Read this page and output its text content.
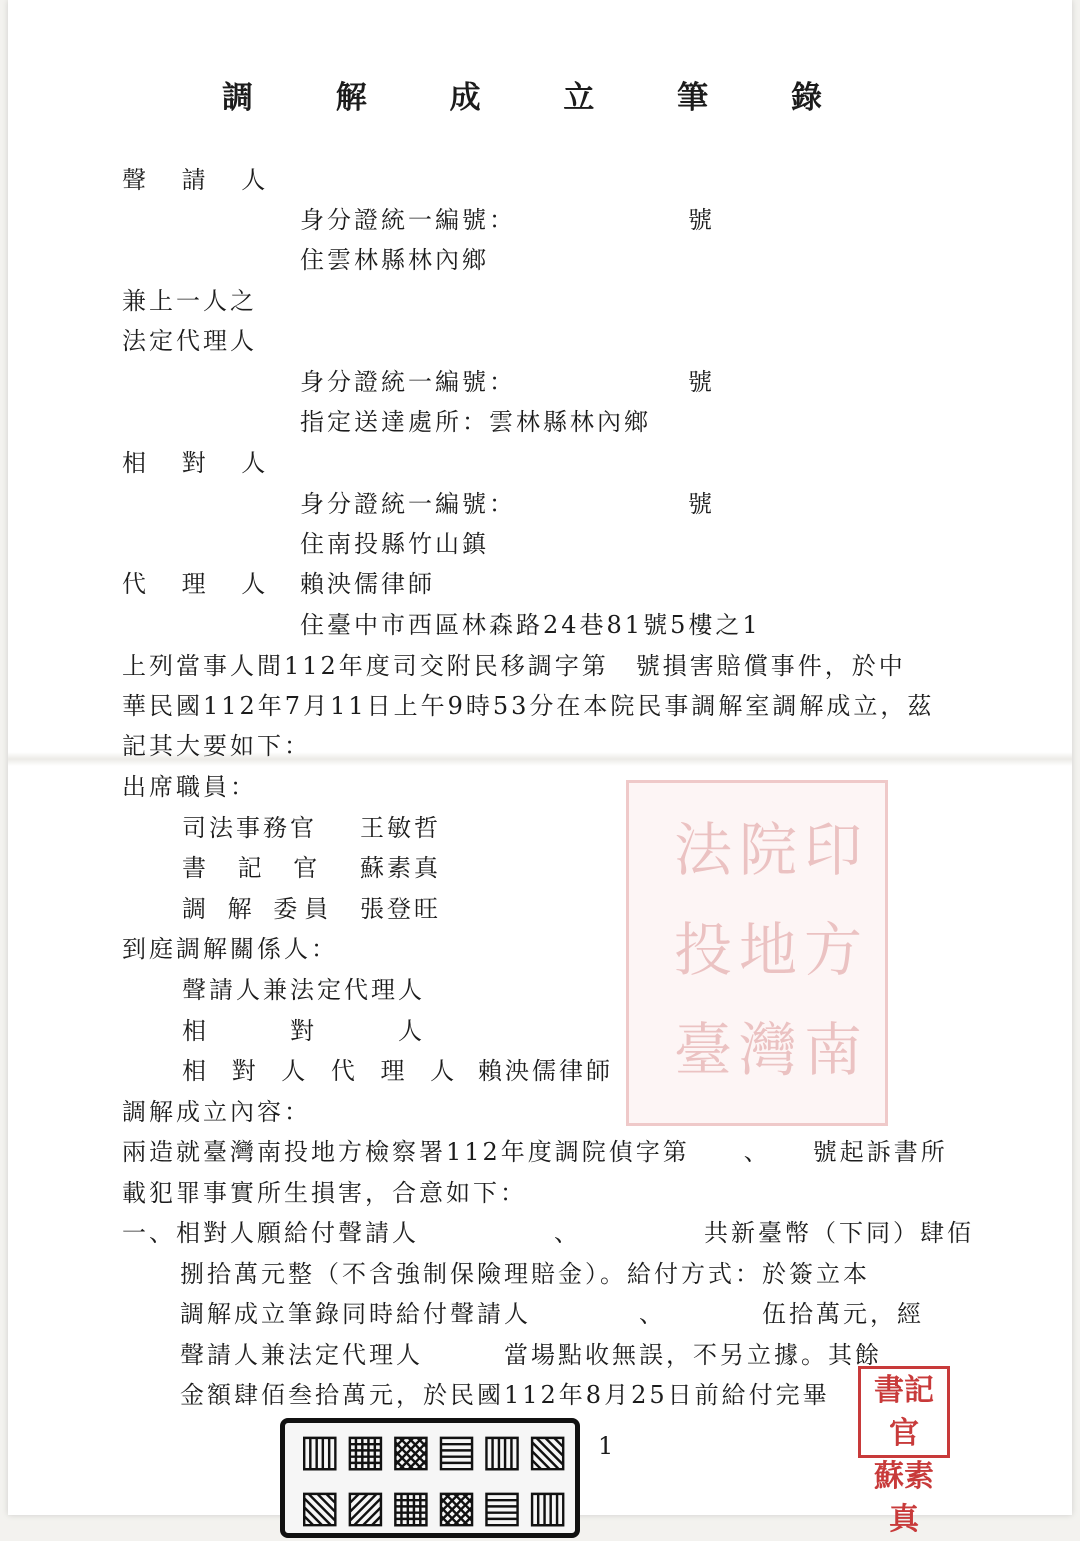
調 解 成 立 筆 錄
聲 請 人
身分證統一編號：	號
住雲林縣林內鄉
兼上一人之
法定代理人
身分證統一編號：	號
指定送達處所：雲林縣林內鄉
相 對 人
身分證統一編號：	號
住南投縣竹山鎮
代 理 人 賴泱儒律師
住臺中市西區林森路24巷81號5樓之1
上列當事人間112年度司交附民移調字第　號損害賠償事件，於中
華民國112年7月11日上午9時53分在本院民事調解室調解成立，茲
記其大要如下：
印
院
法
方
地
投
南
灣
臺
出席職員：
司法事務官 王敏哲
書 記 官 蘇素真
調 解 委員 張登旺
到庭調解關係人：
聲請人兼法定代理人
相　　　對　　　人
相 對 人 代 理 人 賴泱儒律師
調解成立內容：
兩造就臺灣南投地方檢察署112年度調院偵字第　　、　　號起訴書所
載犯罪事實所生損害，合意如下：
一、相對人願給付聲請人　　　　　、　　　　　共新臺幣（下同）肆佰
捌拾萬元整（不含強制保險理賠金）。給付方式：於簽立本
調解成立筆錄同時給付聲請人　　　　、　　　　伍拾萬元，經
聲請人兼法定代理人　　　當場點收無誤，不另立據。其餘
金額肆佰叁拾萬元，於民國112年8月25日前給付完畢	書記官
蘇素真
▥▦▩▤▥▧
▧▨▦▩▤▥
1
